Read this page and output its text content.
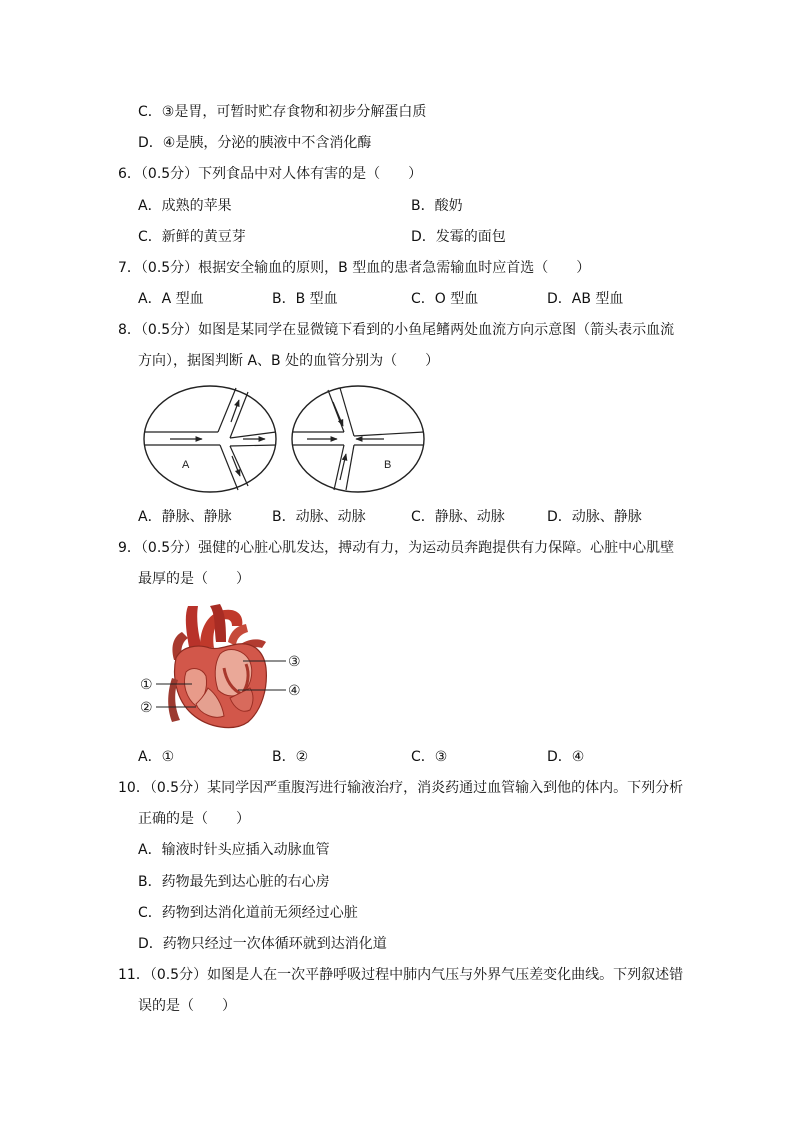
C．③是胃，可暂时贮存食物和初步分解蛋白质
D．④是胰，分泌的胰液中不含消化酶
6．（0.5分）下列食品中对人体有害的是（　　）
A．成熟的苹果	B．酸奶
C．新鲜的黄豆芽	D．发霉的面包
7．（0.5分）根据安全输血的原则，B 型血的患者急需输血时应首选（　　）
A．A 型血	B．B 型血	C．O 型血	D．AB 型血
8．（0.5分）如图是某同学在显微镜下看到的小鱼尾鳍两处血流方向示意图（箭头表示血流
方向），据图判断 A、B 处的血管分别为（　　）
A	B
A．静脉、静脉	B．动脉、动脉	C．静脉、动脉	D．动脉、静脉
9．（0.5分）强健的心脏心肌发达，搏动有力，为运动员奔跑提供有力保障。心脏中心肌壁
最厚的是（　　）
①
②
③
④
A．①	B．②	C．③	D．④
10．（0.5分）某同学因严重腹泻进行输液治疗，消炎药通过血管输入到他的体内。下列分析
正确的是（　　）
A．输液时针头应插入动脉血管
B．药物最先到达心脏的右心房
C．药物到达消化道前无须经过心脏
D．药物只经过一次体循环就到达消化道
11．（0.5分）如图是人在一次平静呼吸过程中肺内气压与外界气压差变化曲线。下列叙述错
误的是（　　）
